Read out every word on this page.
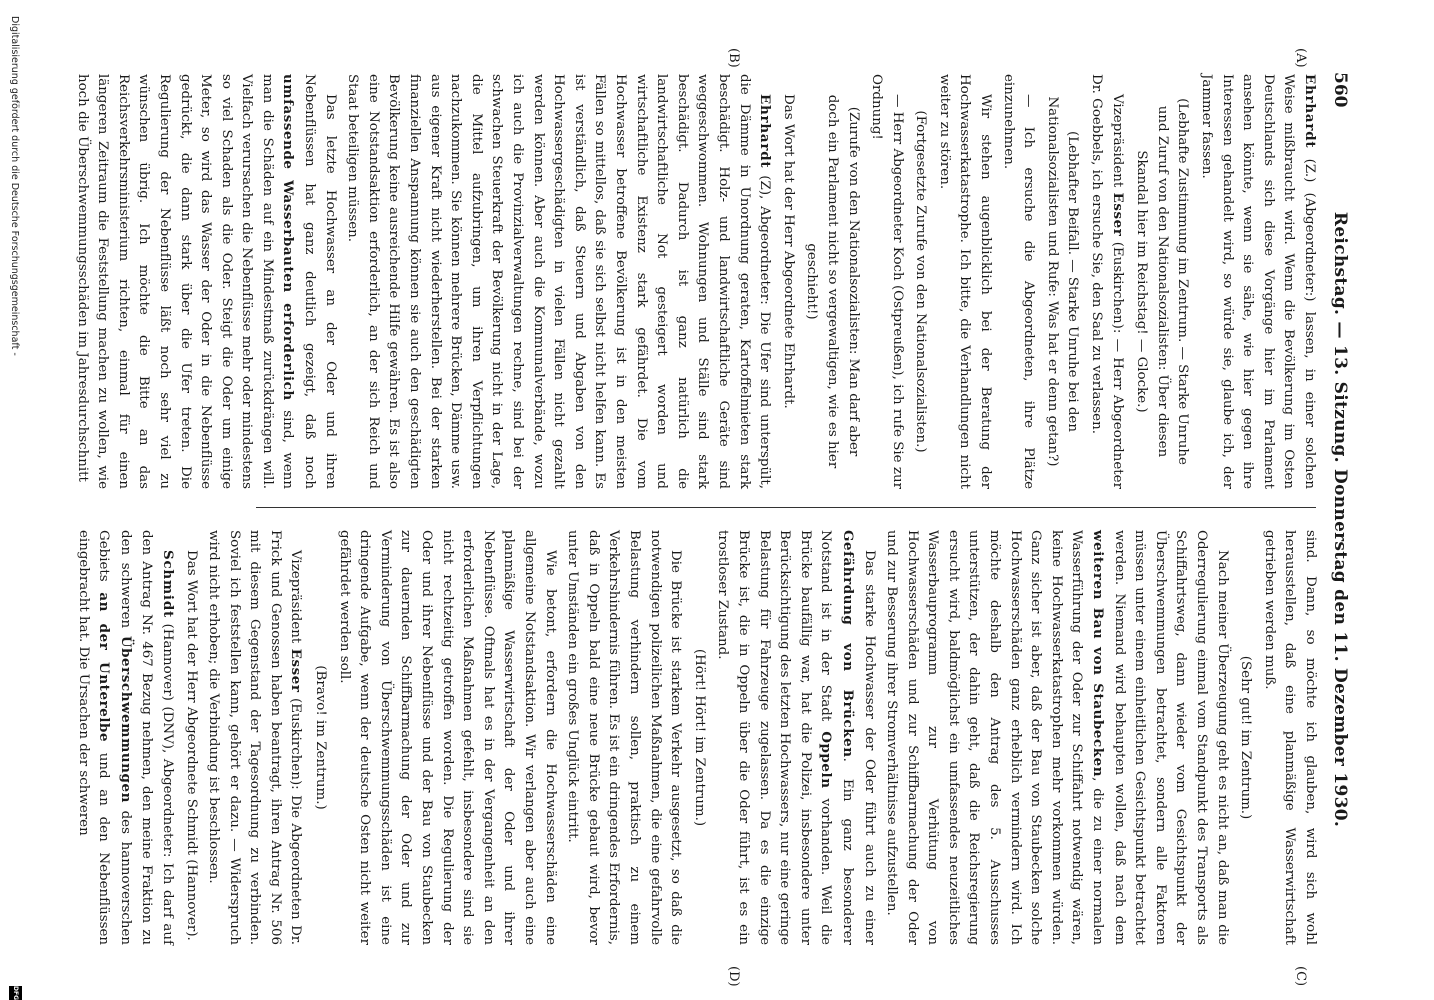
560
Reichstag. — 13. Sitzung. Donnerstag den 11. Dezember 1930.
(A)
(B)
(C)
(D)

Ehrhardt (Z.) (Abgeordneter:) lassen, in einer solchen Weise mißbraucht wird. Wenn die Bevölkerung im Osten Deutschlands sich diese Vorgänge hier im Parlament ansehen könnte, wenn sie sähe, wie hier gegen ihre Interessen gehandelt wird, so würde sie, glaube ich, der Jammer fassen.

(Lebhafte Zustimmung im Zentrum. — Starke Unruhe und Zuruf von den Nationalsozialisten: Über diesen Skandal hier im Reichstag! — Glocke.)

Vizepräsident Esser (Euskirchen): — Herr Abgeordneter Dr. Goebbels, ich ersuche Sie, den Saal zu verlassen.

(Lebhafter Beifall. — Starke Unruhe bei den Nationalsozialisten und Rufe: Was hat er denn getan?)

— Ich ersuche die Abgeordneten, ihre Plätze einzunehmen.

Wir stehen augenblicklich bei der Beratung der Hochwasserkatastrophe. Ich bitte, die Verhandlungen nicht weiter zu stören.

(Fortgesetzte Zurufe von den Nationalsozialisten.)

— Herr Abgeordneter Koch (Ostpreußen), ich rufe Sie zur Ordnung!

(Zurufe von den Nationalsozialisten: Man darf aber doch ein Parlament nicht so vergewaltigen, wie es hier geschieht!)

Das Wort hat der Herr Abgeordnete Ehrhardt.

Ehrhardt (Z), Abgeordneter: Die Ufer sind unterspült, die Dämme in Unordnung geraten, Kartoffelmieten stark beschädigt. Holz- und landwirtschaftliche Geräte sind weggeschwommen. Wohnungen und Ställe sind stark beschädigt. Dadurch ist ganz natürlich die landwirtschaftliche Not gesteigert worden und wirtschaftliche Existenz stark gefährdet. Die vom Hochwasser betroffene Bevölkerung ist in den meisten Fällen so mittellos, daß sie sich selbst nicht helfen kann. Es ist verständlich, daß Steuern und Abgaben von den Hochwassergeschädigten in vielen Fällen nicht gezahlt werden können. Aber auch die Kommunalverbände, wozu ich auch die Provinzialverwaltungen rechne, sind bei der schwachen Steuerkraft der Bevölkerung nicht in der Lage, die Mittel aufzubringen, um ihren Verpflichtungen nachzukommen. Sie können mehrere Brücken, Dämme usw. aus eigener Kraft nicht wiederherstellen. Bei der starken finanziellen Anspannung können sie auch den geschädigten Bevölkerung keine ausreichende Hilfe gewähren. Es ist also eine Notstandsaktion erforderlich, an der sich Reich und Staat beteiligen müssen.

Das letzte Hochwasser an der Oder und ihren Nebenflüssen hat ganz deutlich gezeigt, daß noch umfassende Wasserbauten erforderlich sind, wenn man die Schäden auf ein Mindestmaß zurückdrängen will. Vielfach verursachen die Nebenflüsse mehr oder mindestens so viel Schaden als die Oder. Steigt die Oder um einige Meter, so wird das Wasser der Oder in die Nebenflüsse gedrückt, die dann stark über die Ufer treten. Die Regulierung der Nebenflüsse läßt noch sehr viel zu wünschen übrig. Ich möchte die Bitte an das Reichsverkehrsministerium richten, einmal für einen längeren Zeitraum die Feststellung machen zu wollen, wie hoch die Überschwemmungsschäden im Jahresdurchschnitt

sind. Dann, so möchte ich glauben, wird sich wohl herausstellen, daß eine planmäßige Wasserwirtschaft getrieben werden muß.

(Sehr gut! im Zentrum.)

Nach meiner Überzeugung geht es nicht an, daß man die Oderregulierung einmal vom Standpunkt des Transports als Schiffahrtsweg, dann wieder vom Gesichtspunkt der Überschwemmungen betrachtet, sondern alle Faktoren müssen unter einem einheitlichen Gesichtspunkt betrachtet werden. Niemand wird behaupten wollen, daß nach dem weiteren Bau von Staubecken, die zu einer normalen Wasserführung der Oder zur Schiffahrt notwendig wären, keine Hochwasserkatastrophen mehr vorkommen würden. Ganz sicher ist aber, daß der Bau von Staubecken solche Hochwasserschäden ganz erheblich vermindern wird. Ich möchte deshalb den Antrag des 5. Ausschusses unterstützen, der dahin geht, daß die Reichsregierung ersucht wird, baldmöglichst ein umfassendes neuzeitliches Wasserbauprogramm zur Verhütung von Hochwasserschäden und zur Schiffbarmachung der Oder und zur Besserung ihrer Stromverhältnisse aufzustellen.

Das starke Hochwasser der Oder führt auch zu einer Gefährdung von Brücken. Ein ganz besonderer Notstand ist in der Stadt Oppeln vorhanden. Weil die Brücke baufällig war, hat die Polizei, insbesondere unter Berücksichtigung des letzten Hochwassers, nur eine geringe Belastung für Fahrzeuge zugelassen. Da es die einzige Brücke ist, die in Oppeln über die Oder führt, ist es ein trostloser Zustand.

(Hört! Hört! im Zentrum.)

Die Brücke ist starkem Verkehr ausgesetzt, so daß die notwendigen polizeilichen Maßnahmen, die eine gefahrvolle Belastung verhindern sollen, praktisch zu einem Verkehrshindernis führen. Es ist ein dringendes Erfordernis, daß in Oppeln bald eine neue Brücke gebaut wird, bevor unter Umständen ein großes Unglück eintritt.

Wie betont, erfordern die Hochwasserschäden eine allgemeine Notstandsaktion. Wir verlangen aber auch eine planmäßige Wasserwirtschaft der Oder und ihrer Nebenflüsse. Oftmals hat es in der Vergangenheit an den erforderlichen Maßnahmen gefehlt, insbesondere sind sie nicht rechtzeitig getroffen worden. Die Regulierung der Oder und ihrer Nebenflüsse und der Bau von Staubecken zur dauernden Schiffbarmachung der Oder und zur Verminderung von Überschwemmungsschäden ist eine dringende Aufgabe, wenn der deutsche Osten nicht weiter gefährdet werden soll.

(Bravo! im Zentrum.)

Vizepräsident Esser (Euskirchen): Die Abgeordneten Dr. Frick und Genossen haben beantragt, ihren Antrag Nr. 506 mit diesem Gegenstand der Tagesordnung zu verbinden. Soviel ich feststellen kann, gehört er dazu. — Widerspruch wird nicht erhoben; die Verbindung ist beschlossen.

Das Wort hat der Herr Abgeordnete Schmidt (Hannover).

Schmidt (Hannover) (DNV), Abgeordneter: Ich darf auf den Antrag Nr. 467 Bezug nehmen, den meine Fraktion zu den schweren Überschwemmungen des hannoverschen Gebiets an der Unterelbe und an den Nebenflüssen eingebracht hat. Die Ursachen der schweren

Digitalisierung gefördert durch die Deutsche Forschungsgemeinschaft -
DFG
